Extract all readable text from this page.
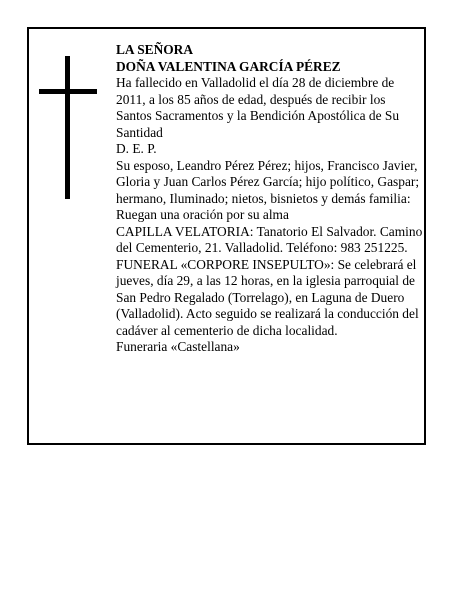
LA SEÑORA

DOÑA VALENTINA GARCÍA PÉREZ

Ha fallecido en Valladolid el día 28 de diciembre de 2011, a los 85 años de edad, después de recibir los Santos Sacramentos y la Bendición Apostólica de Su Santidad

D. E. P.

Su esposo, Leandro Pérez Pérez; hijos, Francisco Javier, Gloria y Juan Carlos Pérez García; hijo político, Gaspar; hermano, Iluminado; nietos, bisnietos y demás familia:

Ruegan una oración por su alma

CAPILLA VELATORIA: Tanatorio El Salvador. Camino del Cementerio, 21. Valladolid. Teléfono: 983 251225.

FUNERAL «CORPORE INSEPULTO»: Se celebrará el jueves, día 29, a las 12 horas, en la iglesia parroquial de San Pedro Regalado (Torrelago), en Laguna de Duero (Valladolid). Acto seguido se realizará la conducción del cadáver al cementerio de dicha localidad.

Funeraria «Castellana»
